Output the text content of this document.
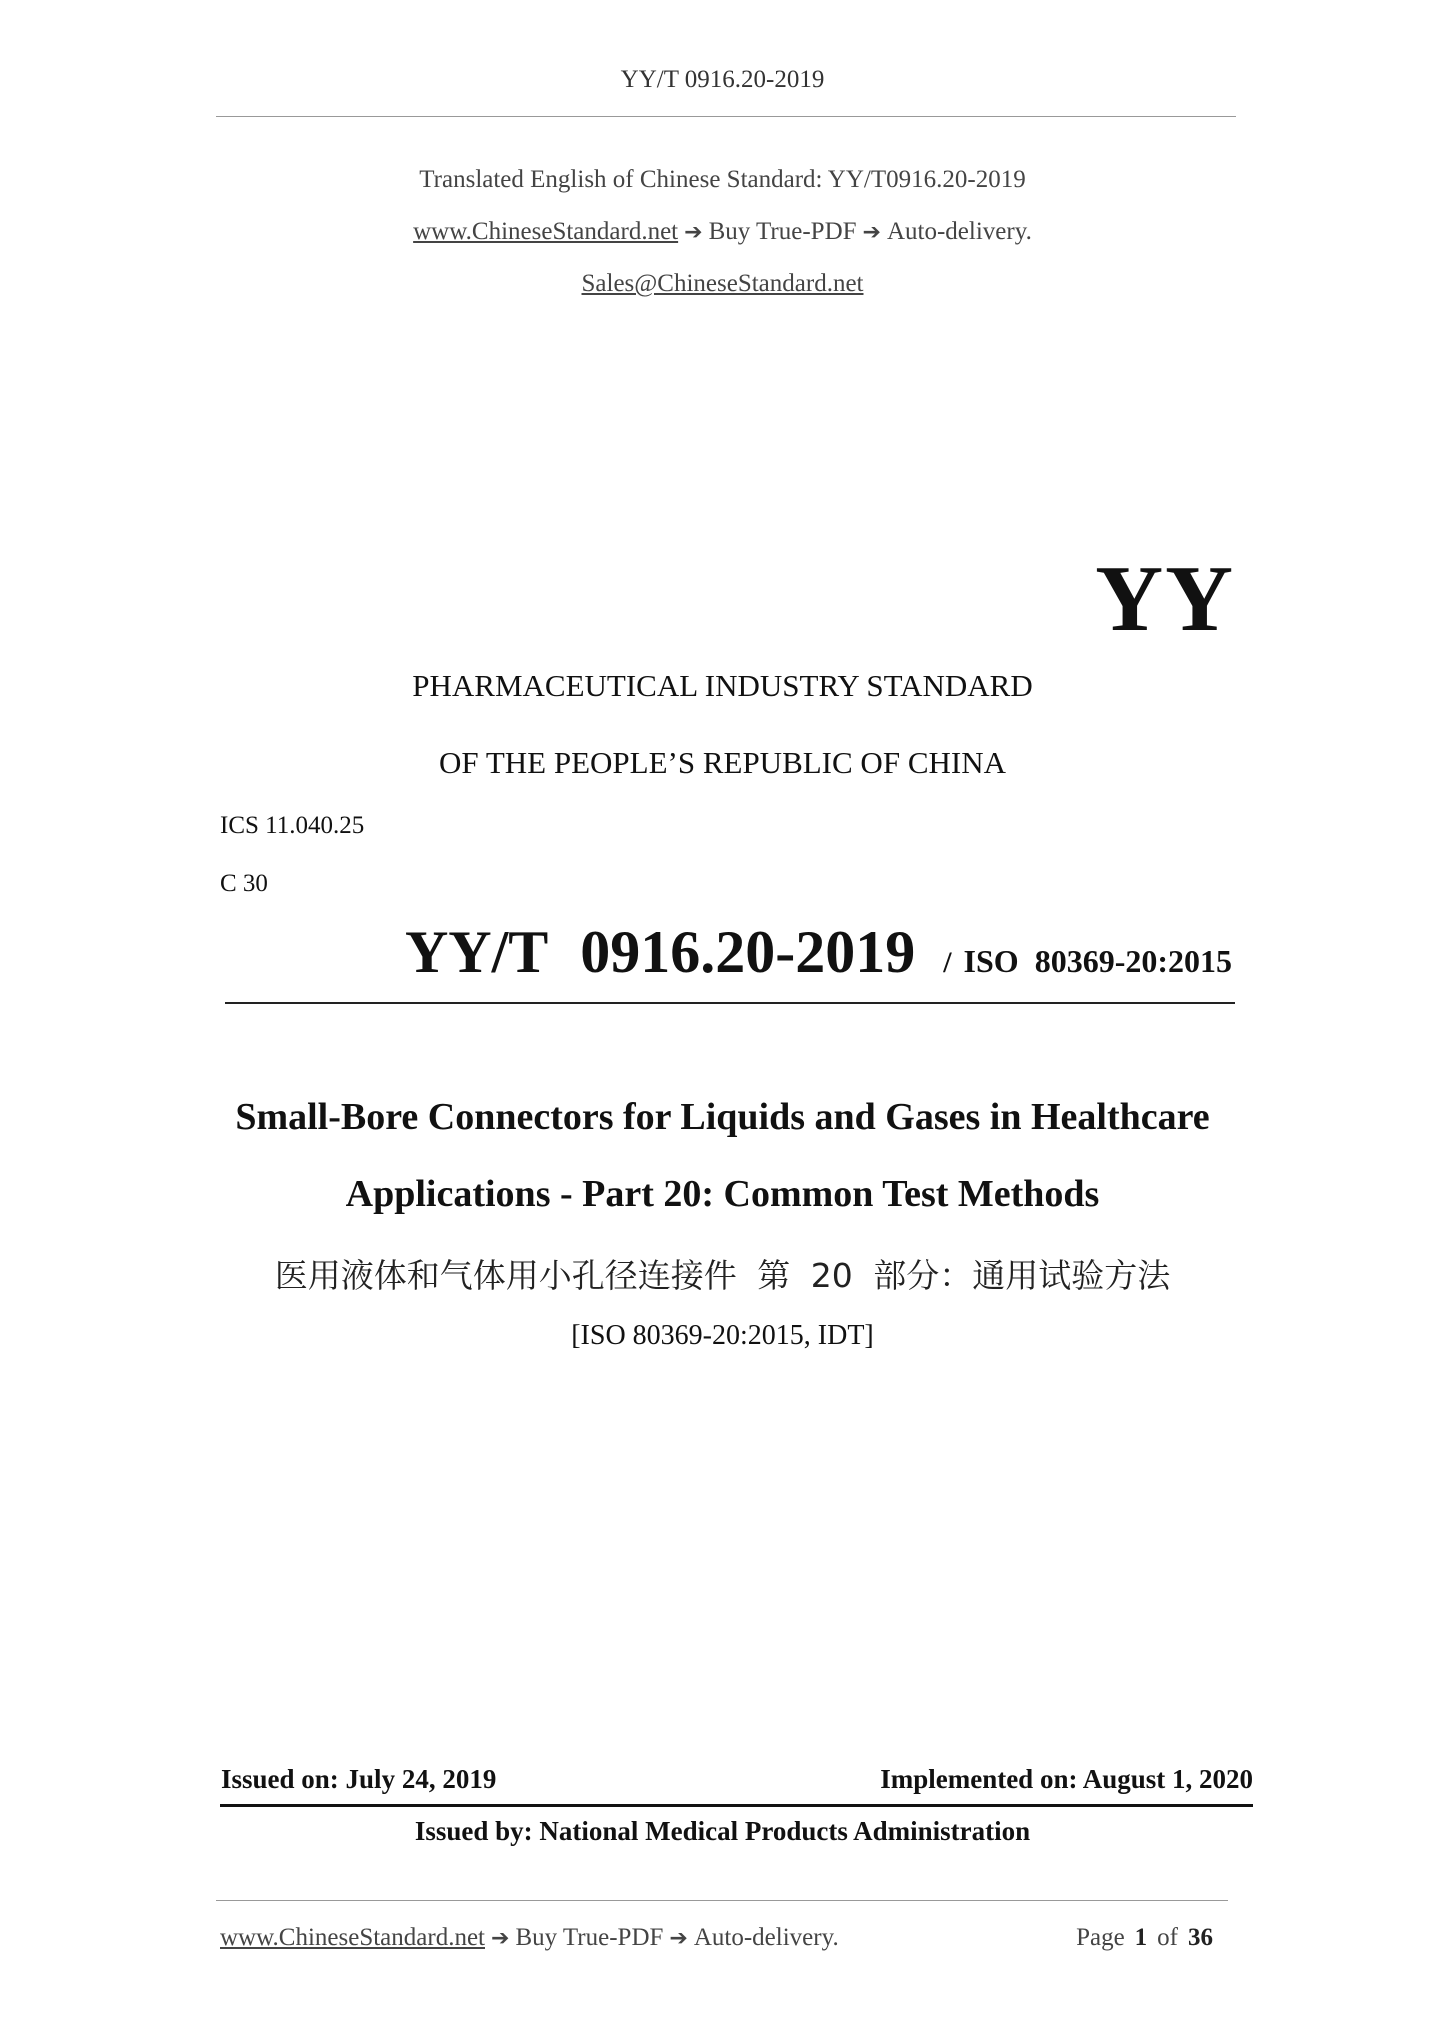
YY/T 0916.20-2019
Translated English of Chinese Standard: YY/T0916.20-2019
www.ChineseStandard.net ➔ Buy True-PDF ➔ Auto-delivery.
Sales@ChineseStandard.net
YY
PHARMACEUTICAL INDUSTRY STANDARD
OF THE PEOPLE’S REPUBLIC OF CHINA
ICS 11.040.25
C 30
YY/T 0916.20-2019 / ISO 80369-20:2015
Small-Bore Connectors for Liquids and Gases in Healthcare
Applications - Part 20: Common Test Methods
医用液体和气体用小孔径连接件 第 20 部分：通用试验方法
[ISO 80369-20:2015, IDT]
Issued on: July 24, 2019	Implemented on: August 1, 2020
Issued by: National Medical Products Administration
www.ChineseStandard.net ➔ Buy True-PDF ➔ Auto-delivery.	Page 1 of 36
